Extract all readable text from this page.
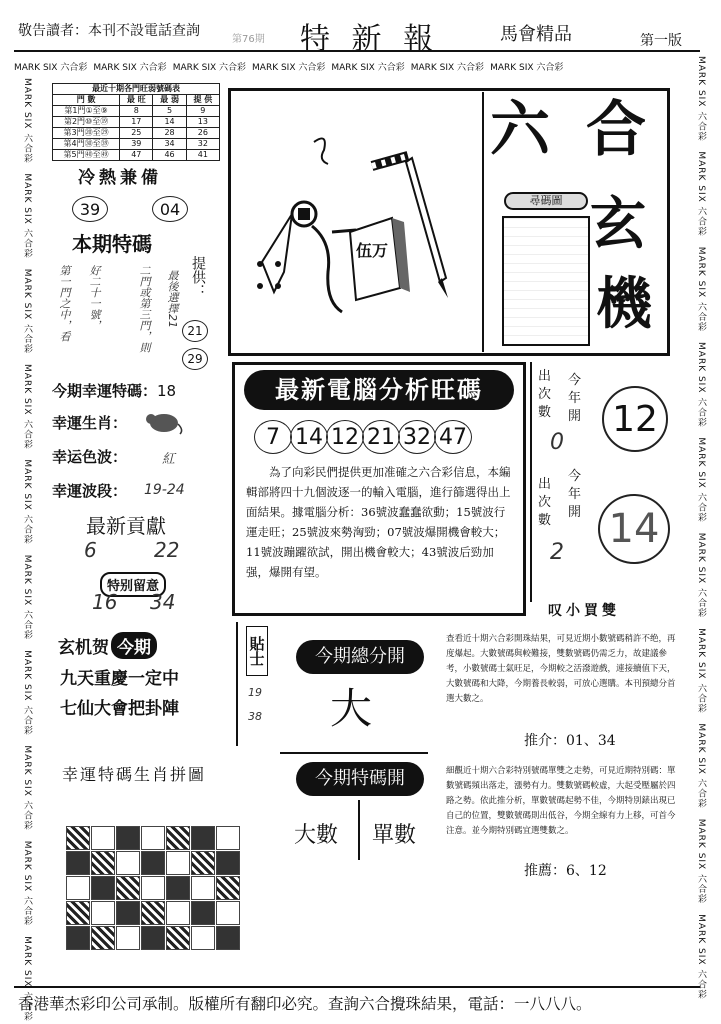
敬告讀者：本刊不設電話查詢
第76期 特 新 報	馬會精品	第一版
MARK SIX 六合彩 MARK SIX 六合彩 MARK SIX 六合彩 MARK SIX 六合彩 MARK SIX 六合彩 MARK SIX 六合彩 MARK SIX 六合彩
MARK SIX 六合彩　MARK SIX 六合彩　MARK SIX 六合彩　MARK SIX 六合彩　MARK SIX 六合彩　MARK SIX 六合彩　MARK SIX 六合彩　MARK SIX 六合彩　MARK SIX 六合彩　MARK SIX 六合彩
MARK SIX 六合彩　MARK SIX 六合彩　MARK SIX 六合彩　MARK SIX 六合彩　MARK SIX 六合彩　MARK SIX 六合彩　MARK SIX 六合彩　MARK SIX 六合彩　MARK SIX 六合彩　MARK SIX 六合彩
最近十期各門旺弱號碼表			
門 數	最 旺	最 弱	提 供
第1門①至⑨	8	5	9
第2門⑩至⑲	17	14	13
第3門⑳至㉙	25	28	26
第4門㉚至㊴	39	34	32
第5門㊵至㊾	47	46	41
冷熱兼備
39	04
本期特碼
第一門之中，看	好二十一號，	二門或第三門，則	最後選擇21 提供：
21
29
今期幸運特碼：18
幸運生肖：
幸运色波：	紅
幸運波段： 19-24
最新貢獻
6	22
特别留意
16 34
玄机贺 今期
九天重慶一定中
七仙大會把卦陣
貼士
19
38
幸運特碼生肖拼圖
伍万
六 合
玄
機
尋碼圖
最新電腦分析旺碼
7 14 12 21 32 47
為了向彩民們提供更加准確之六合彩信息，本編輯部將四十九個波逐一的輸入電腦，進行篩選得出上面結果。據電腦分析：36號波蠢蠢欲動；15號波行運走旺；25號波來勢洶勁；07號波爆開機會較大；11號波蹦躍欲試，開出機會較大；43號波后勁加强，爆開有望。
出次數
今年開
0
12
出次數
今年開
2
14
今期總分開
大
今期特碼開
大數 單數
叹小買雙
查看近十期六合彩開珠結果，可見近期小數號碼稍許不绝，再度爆起。大數號碼與較難接，雙數號碼仍需乏力，故建議參考，小數號碼士氣旺足，今期較之活潑遊戲，連接續值下天，大數號碼和大降，今期養長較弱，可放心選購。本刊預總分首選大數之。
推介：01、34
細觀近十期六合彩特別號碼單雙之走勢，可見近期特別碼：單數號碼頻出落走，漲勢有力。雙數號碼較虛，大起受壓屬於四路之勢。依此推分析，單數號碼起勢不佳，今期特別錶出現已自己的位置，雙數號碼則出低谷，今期全線有力上移，可首今注意。並今期特別碼宜選雙數之。
推薦：6、12
香港華杰彩印公司承制。版權所有翻印必究。查詢六合攪珠結果，電話：一八八八。
